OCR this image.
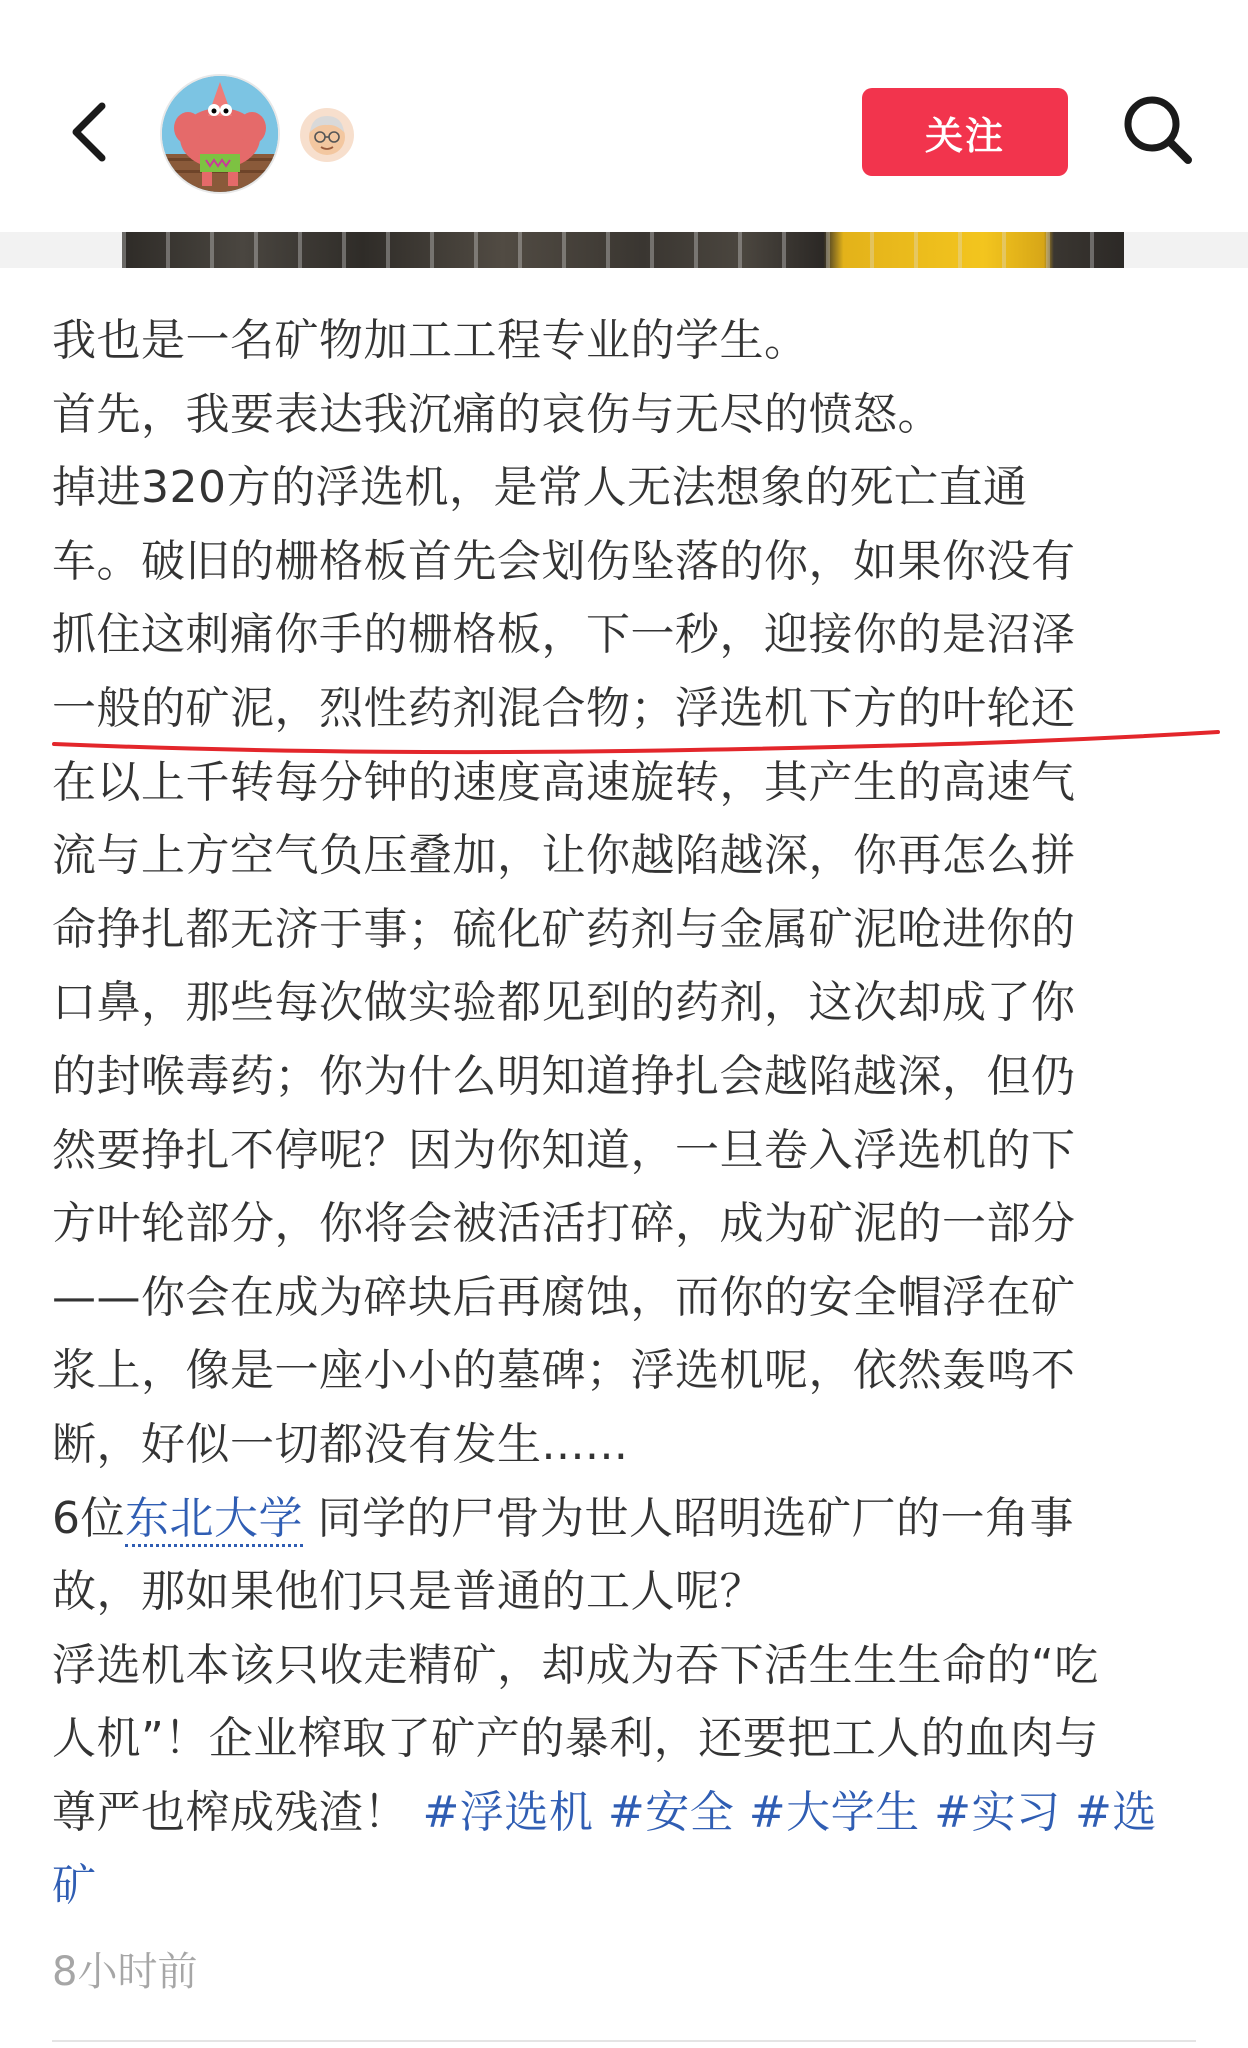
关注
我也是一名矿物加工工程专业的学生。
首先，我要表达我沉痛的哀伤与无尽的愤怒。
掉进320方的浮选机，是常人无法想象的死亡直通
车。破旧的栅格板首先会划伤坠落的你，如果你没有
抓住这刺痛你手的栅格板，下一秒，迎接你的是沼泽
一般的矿泥，烈性药剂混合物；浮选机下方的叶轮还
在以上千转每分钟的速度高速旋转，其产生的高速气
流与上方空气负压叠加，让你越陷越深，你再怎么拼
命挣扎都无济于事；硫化矿药剂与金属矿泥呛进你的
口鼻，那些每次做实验都见到的药剂，这次却成了你
的封喉毒药；你为什么明知道挣扎会越陷越深，但仍
然要挣扎不停呢？因为你知道，一旦卷入浮选机的下
方叶轮部分，你将会被活活打碎，成为矿泥的一部分
——你会在成为碎块后再腐蚀，而你的安全帽浮在矿
浆上，像是一座小小的墓碑；浮选机呢，依然轰鸣不
断，好似一切都没有发生......
6位东北大学 同学的尸骨为世人昭明选矿厂的一角事
故，那如果他们只是普通的工人呢？
浮选机本该只收走精矿，却成为吞下活生生生命的“吃
人机”！企业榨取了矿产的暴利，还要把工人的血肉与
尊严也榨成残渣！ #浮选机 #安全 #大学生 #实习 #选
矿
8小时前
